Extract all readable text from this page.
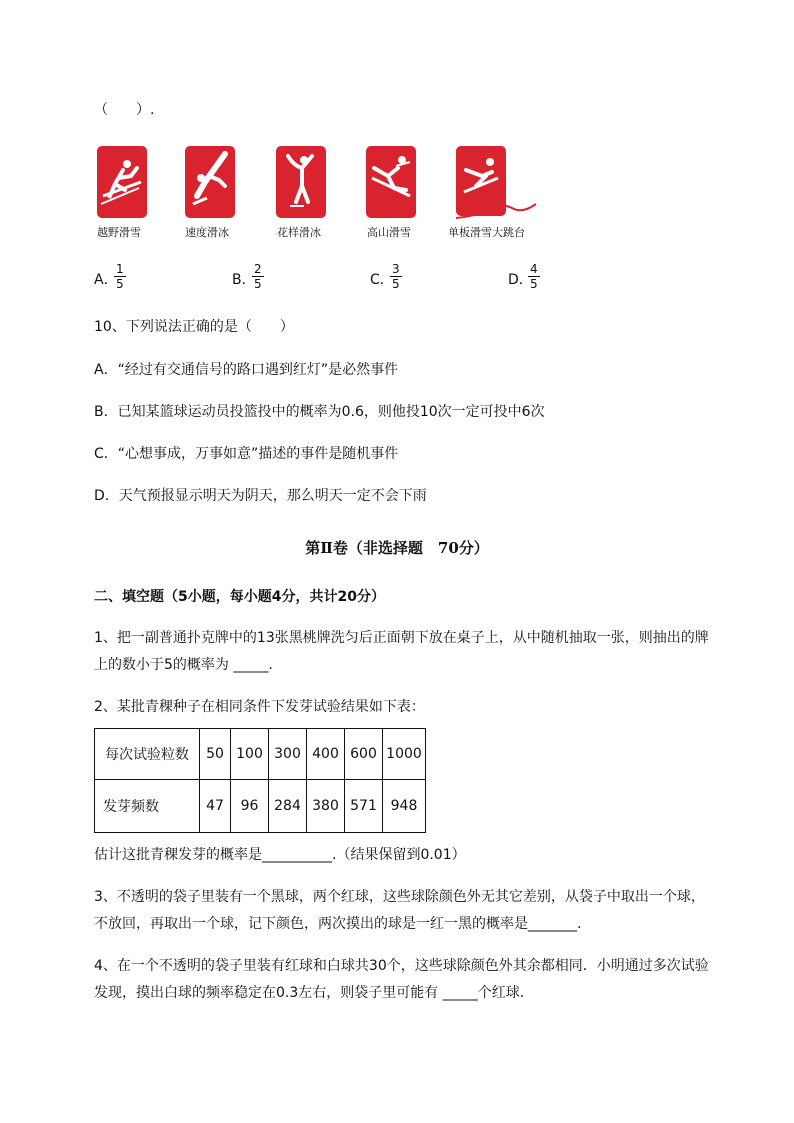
（　　）.
越野滑雪	速度滑冰	花样滑冰	高山滑雪	单板滑雪大跳台
A．
$\frac{1}{5}$	B．
$\frac{2}{5}$	C．
$\frac{3}{5}$	D．
$\frac{4}{5}$
10、下列说法正确的是（　　）
A．“经过有交通信号的路口遇到红灯”是必然事件
B．已知某篮球运动员投篮投中的概率为0.6，则他投10次一定可投中6次
C．“心想事成，万事如意”描述的事件是随机事件
D．天气预报显示明天为阴天，那么明天一定不会下雨
第Ⅱ卷（非选择题　70分）
二、填空题（5小题，每小题4分，共计20分）
1、把一副普通扑克牌中的13张黑桃牌洗匀后正面朝下放在桌子上，从中随机抽取一张，则抽出的牌
上的数小于5的概率为 _____.
2、某批青稞种子在相同条件下发芽试验结果如下表：
每次试验粒数	50	100	300	400	600	1000
发芽频数	47	96	284	380	571	948
估计这批青稞发芽的概率是__________.（结果保留到0.01）
3、不透明的袋子里装有一个黑球，两个红球，这些球除颜色外无其它差别，从袋子中取出一个球，
不放回，再取出一个球，记下颜色，两次摸出的球是一红一黑的概率是_______.
4、在一个不透明的袋子里装有红球和白球共30个，这些球除颜色外其余都相同．小明通过多次试验
发现，摸出白球的频率稳定在0.3左右，则袋子里可能有 _____个红球.
